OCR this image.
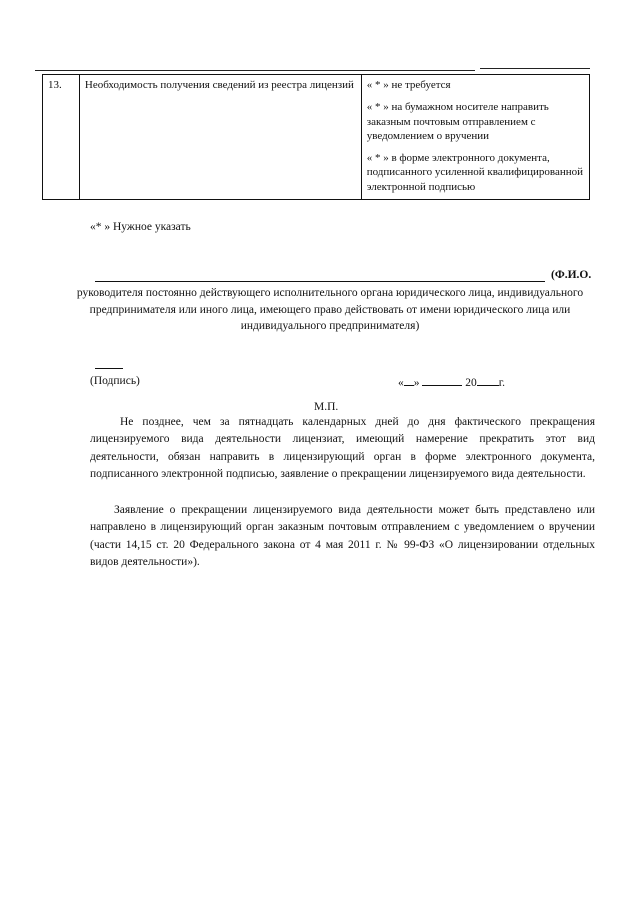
13.	Необходимость получения сведений из реестра лицензий	« * » не требуется
« * » на бумажном носителе направить заказным почтовым отправлением с уведомлением о вручении
« * » в форме электронного документа, подписанного усиленной квалифицированной электронной подписью
«* » Нужное указать
(Ф.И.О.
руководителя постоянно действующего исполнительного органа юридического лица, индивидуального предпринимателя или иного лица, имеющего право действовать от имени юридического лица или индивидуального предпринимателя)
(Подпись)	« »	20 г.
М.П.

Не позднее, чем за пятнадцать календарных дней до дня фактического прекращения лицензируемого вида деятельности лицензиат, имеющий намерение прекратить этот вид деятельности, обязан направить в лицензирующий орган в форме электронного документа, подписанного электронной подписью, заявление о прекращении лицензируемого вида деятельности.

Заявление о прекращении лицензируемого вида деятельности может быть представлено или направлено в лицензирующий орган заказным почтовым отправлением с уведомлением о вручении (части 14,15 ст. 20 Федерального закона от 4 мая 2011 г. № 99-ФЗ «О лицензировании отдельных видов деятельности»).
